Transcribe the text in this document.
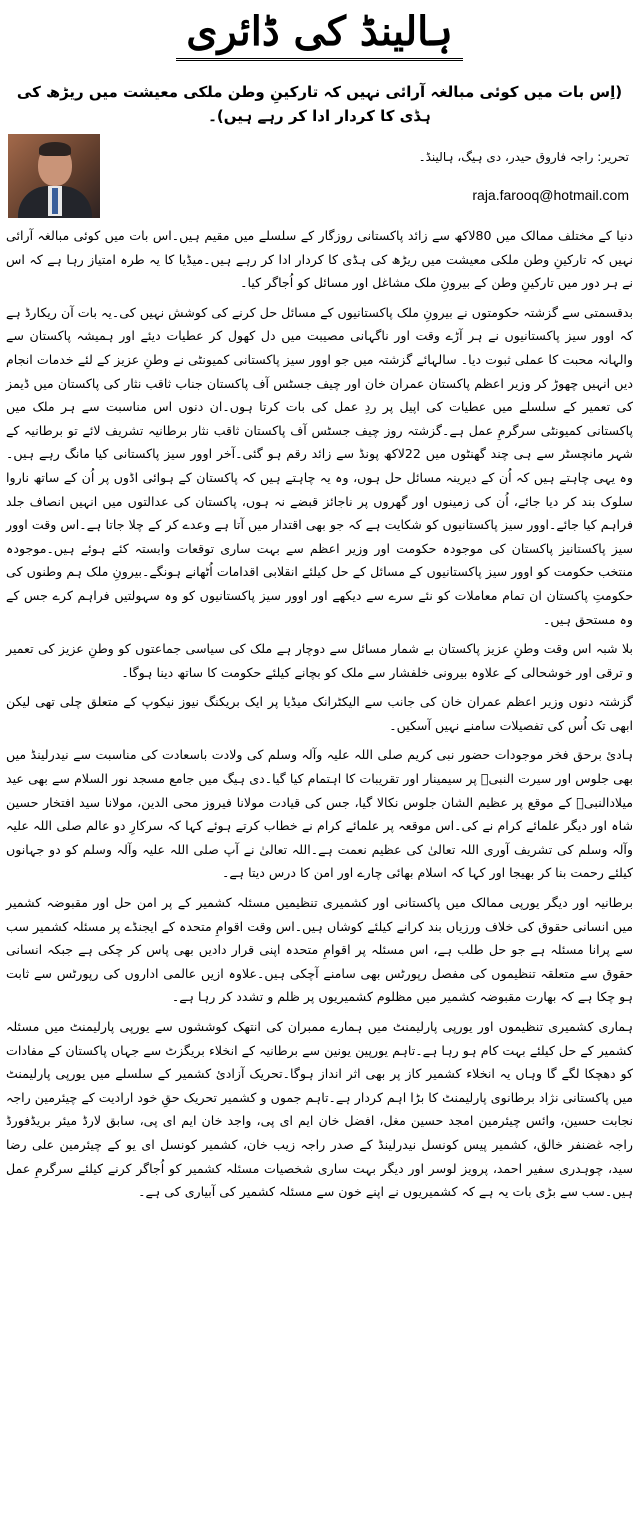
ہالینڈ کی ڈائری
(اِس بات میں کوئی مبالغہ آرائی نہیں کہ تارکینِ وطن ملکی معیشت میں ریڑھ کی ہڈی کا کردار ادا کر رہے ہیں)۔
تحریر: راجہ فاروق حیدر، دی ہیگ، ہالینڈ۔
raja.farooq@hotmail.com

دنیا کے مختلف ممالک میں 80لاکھ سے زائد پاکستانی روزگار کے سلسلے میں مقیم ہیں۔اس بات میں کوئی مبالغہ آرائی نہیں کہ تارکینِ وطن ملکی معیشت میں ریڑھ کی ہڈی کا کردار ادا کر رہے ہیں۔میڈیا کا یہ طرہ امتیاز رہا ہے کہ اس نے ہر دور میں تارکینِ وطن کے بیرونِ ملک مشاغل اور مسائل کو اُجاگر کیا۔

بدقسمتی سے گزشتہ حکومتوں نے بیرونِ ملک پاکستانیوں کے مسائل حل کرنے کی کوشش نہیں کی۔یہ بات آن ریکارڈ ہے کہ اوور سیز پاکستانیوں نے ہر آڑے وقت اور ناگہانی مصیبت میں دل کھول کر عطیات دیئے اور ہمیشہ پاکستان سے والہانہ محبت کا عملی ثبوت دیا۔ سالہائے گزشتہ میں جو اوور سیز پاکستانی کمیونٹی نے وطنِ عزیز کے لئے خدمات انجام دیں انہیں چھوڑ کر وزیر اعظم پاکستان عمران خان اور چیف جسٹس آف پاکستان جناب ثاقب نثار کی پاکستان میں ڈیمز کی تعمیر کے سلسلے میں عطیات کی اپیل پر ردِ عمل کی بات کرتا ہوں۔ان دنوں اس مناسبت سے ہر ملک میں پاکستانی کمیونٹی سرگرمِ عمل ہے۔گزشتہ روز چیف جسٹس آف پاکستان ثاقب نثار برطانیہ تشریف لائے تو برطانیہ کے شہر مانچسٹر سے ہی چند گھنٹوں میں 22لاکھ پونڈ سے زائد رقم ہو گئی۔آخر اوور سیز پاکستانی کیا مانگ رہے ہیں۔ وہ یہی چاہتے ہیں کہ اُن کے دیرینہ مسائل حل ہوں، وہ یہ چاہتے ہیں کہ پاکستان کے ہوائی اڈوں پر اُن کے ساتھ ناروا سلوک بند کر دیا جائے، اُن کی زمینوں اور گھروں پر ناجائز قبضے نہ ہوں، پاکستان کی عدالتوں میں انہیں انصاف جلد فراہم کیا جائے۔اوور سیز پاکستانیوں کو شکایت ہے کہ جو بھی اقتدار میں آتا ہے وعدے کر کے چلا جاتا ہے۔اس وقت اوور سیز پاکستانیز پاکستان کی موجودہ حکومت اور وزیر اعظم سے بہت ساری توقعات وابستہ کئے ہوئے ہیں۔موجودہ منتخب حکومت کو اوور سیز پاکستانیوں کے مسائل کے حل کیلئے انقلابی اقدامات اُٹھانے ہونگے۔بیرونِ ملک ہم وطنوں کی حکومتِ پاکستان ان تمام معاملات کو نئے سرے سے دیکھے اور اوور سیز پاکستانیوں کو وہ سہولتیں فراہم کرے جس کے وہ مستحق ہیں۔

بلا شبہ اس وقت وطنِ عزیز پاکستان بے شمار مسائل سے دوچار ہے ملک کی سیاسی جماعتوں کو وطنِ عزیز کی تعمیر و ترقی اور خوشحالی کے علاوہ بیرونی خلفشار سے ملک کو بچانے کیلئے حکومت کا ساتھ دینا ہوگا۔

گزشتہ دنوں وزیر اعظم عمران خان کی جانب سے الیکٹرانک میڈیا پر ایک بریکنگ نیوز نیکوپ کے متعلق چلی تھی لیکن ابھی تک اُس کی تفصیلات سامنے نہیں آسکیں۔

ہادیٔ برحق فخر موجودات حضور نبی کریم صلی اللہ علیہ وآلہ وسلم کی ولادت باسعادت کی مناسبت سے نیدرلینڈ میں بھی جلوس اور سیرت النبیؐ پر سیمینار اور تقریبات کا اہتمام کیا گیا۔دی ہیگ میں جامع مسجد نور السلام سے بھی عید میلادالنبیؐ کے موقع پر عظیم الشان جلوس نکالا گیا، جس کی قیادت مولانا فیروز محی الدین، مولانا سید افتخار حسین شاہ اور دیگر علمائے کرام نے کی۔اس موقعہ پر علمائے کرام نے خطاب کرتے ہوئے کہا کہ سرکارِ دو عالم صلی اللہ علیہ وآلہ وسلم کی تشریف آوری اللہ تعالیٰ کی عظیم نعمت ہے۔اللہ تعالیٰ نے آپ صلی اللہ علیہ وآلہ وسلم کو دو جہانوں کیلئے رحمت بنا کر بھیجا اور کہا کہ اسلام بھائی چارے اور امن کا درس دیتا ہے۔

برطانیہ اور دیگر یورپی ممالک میں پاکستانی اور کشمیری تنظیمیں مسئلہ کشمیر کے پر امن حل اور مقبوضہ کشمیر میں انسانی حقوق کی خلاف ورزیاں بند کرانے کیلئے کوشاں ہیں۔اس وقت اقوامِ متحدہ کے ایجنڈے پر مسئلہ کشمیر سب سے پرانا مسئلہ ہے جو حل طلب ہے، اس مسئلہ پر اقوامِ متحدہ اپنی قرار دادیں بھی پاس کر چکی ہے جبکہ انسانی حقوق سے متعلقہ تنظیموں کی مفصل رپورٹس بھی سامنے آچکی ہیں۔علاوہ ازیں عالمی اداروں کی رپورٹس سے ثابت ہو چکا ہے کہ بھارت مقبوضہ کشمیر میں مظلوم کشمیریوں پر ظلم و تشدد کر رہا ہے۔

ہماری کشمیری تنظیموں اور یورپی پارلیمنٹ میں ہمارے ممبران کی انتھک کوششوں سے یورپی پارلیمنٹ میں مسئلہ کشمیر کے حل کیلئے بہت کام ہو رہا ہے۔تاہم یورپین یونین سے برطانیہ کے انخلاء بریگزٹ سے جہاں پاکستان کے مفادات کو دھچکا لگے گا وہاں یہ انخلاء کشمیر کاز پر بھی اثر انداز ہوگا۔تحریک آزادیٔ کشمیر کے سلسلے میں یورپی پارلیمنٹ میں پاکستانی نژاد برطانوی پارلیمنٹ کا بڑا اہم کردار ہے۔تاہم جموں و کشمیر تحریک حقِ خود ارادیت کے چیئرمین راجہ نجابت حسین، وائس چیئرمین امجد حسین مغل، افضل خان ایم ای پی، واجد خان ایم ای پی، سابق لارڈ میئر بریڈفورڈ راجہ غضنفر خالق، کشمیر پیس کونسل نیدرلینڈ کے صدر راجہ زیب خان، کشمیر کونسل ای یو کے چیئرمین علی رضا سید، چوہدری سفیر احمد، پرویز لوسر اور دیگر بہت ساری شخصیات مسئلہ کشمیر کو اُجاگر کرنے کیلئے سرگرمِ عمل ہیں۔سب سے بڑی بات یہ ہے کہ کشمیریوں نے اپنے خون سے مسئلہ کشمیر کی آبیاری کی ہے۔
